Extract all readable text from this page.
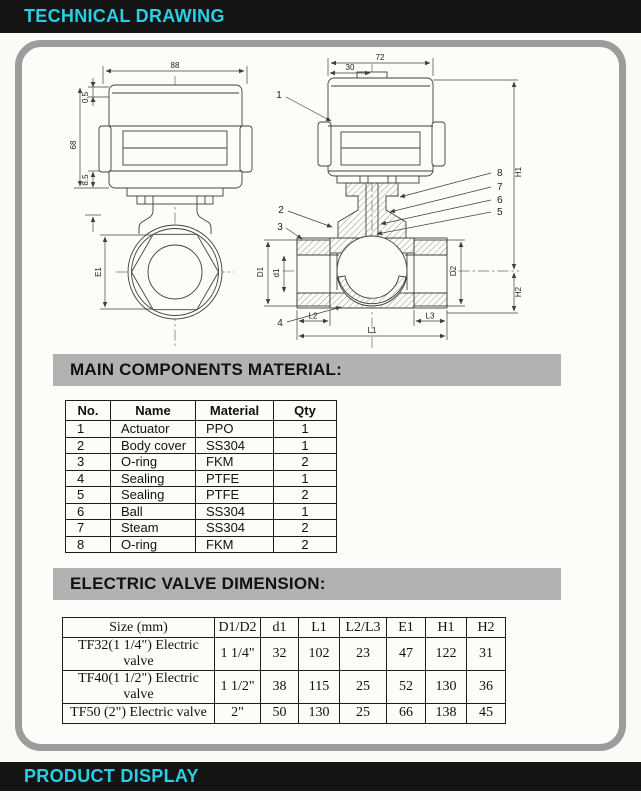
TECHNICAL DRAWING
88
0.5
68
8.5
E1
72
30
H1
H2
D2
D1 d1
L2	L3
L1
1
2
3
4
8
7
6
5
MAIN COMPONENTS MATERIAL:
No.	Name	Material	Qty
1	Actuator	PPO	1
2	Body cover	SS304	1
3	O-ring	FKM	2
4	Sealing	PTFE	1
5	Sealing	PTFE	2
6	Ball	SS304	1
7	Steam	SS304	2
8	O-ring	FKM	2
ELECTRIC VALVE DIMENSION:
Size (mm)	D1/D2	d1	L1	L2/L3	E1	H1	H2
TF32(1 1/4") Electric valve	1 1/4"	32	102	23	47	122	31
TF40(1 1/2") Electric valve	1 1/2"	38	115	25	52	130	36
TF50 (2") Electric valve	2"	50	130	25	66	138	45
PRODUCT DISPLAY
